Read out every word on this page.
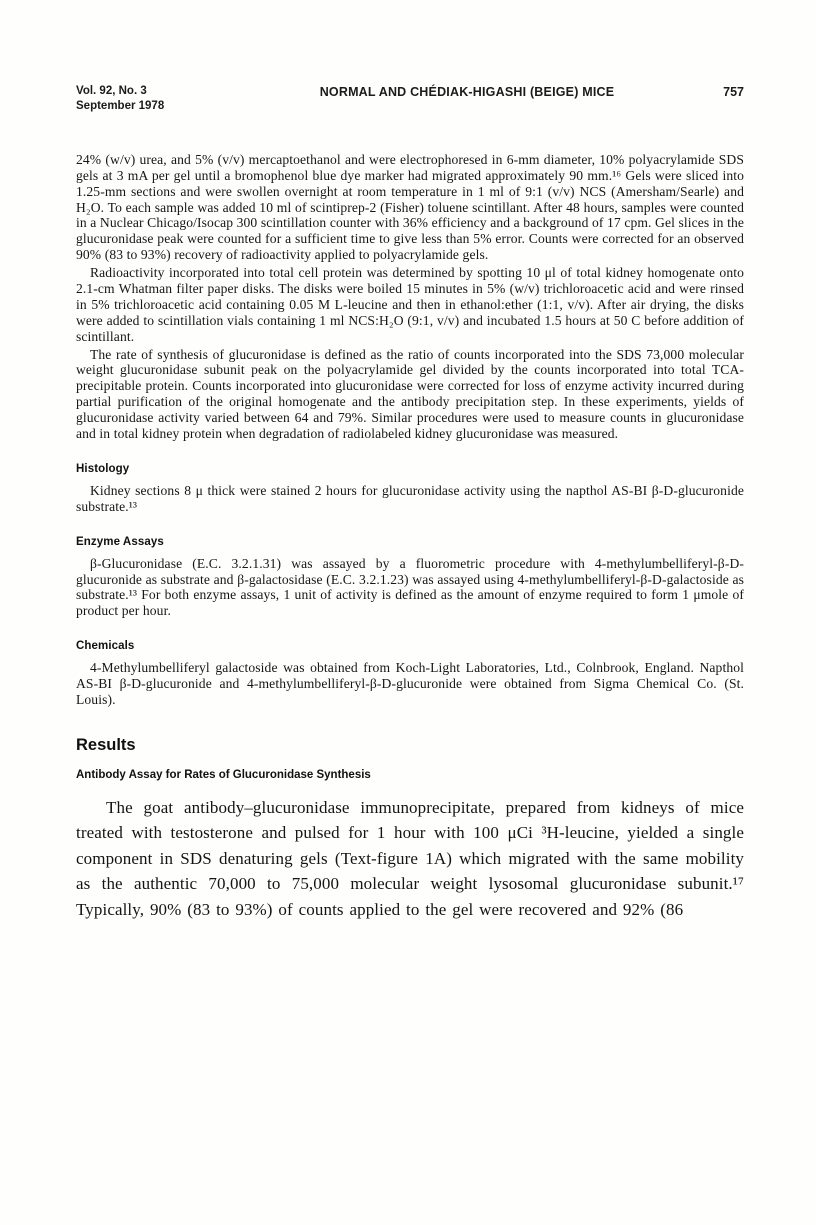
Vol. 92, No. 3
September 1978
NORMAL AND CHÉDIAK-HIGASHI (BEIGE) MICE	757

24% (w/v) urea, and 5% (v/v) mercaptoethanol and were electrophoresed in 6-mm diameter, 10% polyacrylamide SDS gels at 3 mA per gel until a bromophenol blue dye marker had migrated approximately 90 mm.¹⁶ Gels were sliced into 1.25-mm sections and were swollen overnight at room temperature in 1 ml of 9:1 (v/v) NCS (Amersham/Searle) and H₂O. To each sample was added 10 ml of scintiprep-2 (Fisher) toluene scintillant. After 48 hours, samples were counted in a Nuclear Chicago/Isocap 300 scintillation counter with 36% efficiency and a background of 17 cpm. Gel slices in the glucuronidase peak were counted for a sufficient time to give less than 5% error. Counts were corrected for an observed 90% (83 to 93%) recovery of radioactivity applied to polyacrylamide gels.

Radioactivity incorporated into total cell protein was determined by spotting 10 μl of total kidney homogenate onto 2.1-cm Whatman filter paper disks. The disks were boiled 15 minutes in 5% (w/v) trichloroacetic acid and were rinsed in 5% trichloroacetic acid containing 0.05 M L-leucine and then in ethanol:ether (1:1, v/v). After air drying, the disks were added to scintillation vials containing 1 ml NCS:H₂O (9:1, v/v) and incubated 1.5 hours at 50 C before addition of scintillant.

The rate of synthesis of glucuronidase is defined as the ratio of counts incorporated into the SDS 73,000 molecular weight glucuronidase subunit peak on the polyacrylamide gel divided by the counts incorporated into total TCA-precipitable protein. Counts incorporated into glucuronidase were corrected for loss of enzyme activity incurred during partial purification of the original homogenate and the antibody precipitation step. In these experiments, yields of glucuronidase activity varied between 64 and 79%. Similar procedures were used to measure counts in glucuronidase and in total kidney protein when degradation of radiolabeled kidney glucuronidase was measured.

Histology

Kidney sections 8 μ thick were stained 2 hours for glucuronidase activity using the napthol AS-BI β-D-glucuronide substrate.¹³

Enzyme Assays

β-Glucuronidase (E.C. 3.2.1.31) was assayed by a fluorometric procedure with 4-methylumbelliferyl-β-D-glucuronide as substrate and β-galactosidase (E.C. 3.2.1.23) was assayed using 4-methylumbelliferyl-β-D-galactoside as substrate.¹³ For both enzyme assays, 1 unit of activity is defined as the amount of enzyme required to form 1 μmole of product per hour.

Chemicals

4-Methylumbelliferyl galactoside was obtained from Koch-Light Laboratories, Ltd., Colnbrook, England. Napthol AS-BI β-D-glucuronide and 4-methylumbelliferyl-β-D-glucuronide were obtained from Sigma Chemical Co. (St. Louis).

Results
Antibody Assay for Rates of Glucuronidase Synthesis

The goat antibody–glucuronidase immunoprecipitate, prepared from kidneys of mice treated with testosterone and pulsed for 1 hour with 100 μCi ³H-leucine, yielded a single component in SDS denaturing gels (Text-figure 1A) which migrated with the same mobility as the authentic 70,000 to 75,000 molecular weight lysosomal glucuronidase subunit.¹⁷ Typically, 90% (83 to 93%) of counts applied to the gel were recovered and 92% (86
